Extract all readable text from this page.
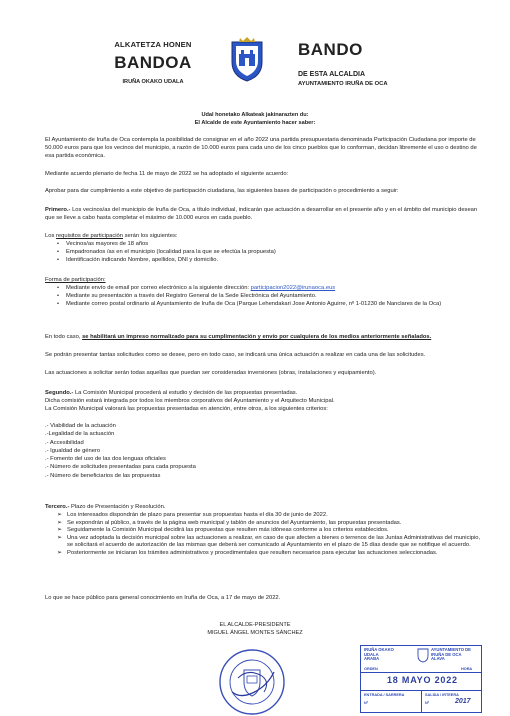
ALKATETZA HONEN
BANDOA
IRUÑA OKAKO UDALA
BANDO
DE ESTA ALCALDIA
AYUNTAMIENTO IRUÑA DE OCA
Udal honetako Alkateak jakinarazten du:
El Alcalde de este Ayuntamiento hacer saber:
El Ayuntamiento de Iruña de Oca contempla la posibilidad de consignar en el año 2022 una partida presupuestaria denominada Participación Ciudadana por importe de 50.000 euros para que los vecinos del municipio, a razón de 10.000 euros para cada uno de los cinco pueblos que lo conforman, decidan libremente el uso o destino de esa partida económica.
Mediante acuerdo plenario de fecha 11 de mayo de 2022 se ha adoptado el siguiente acuerdo:
Aprobar para dar cumplimiento a este objetivo de participación ciudadana, las siguientes bases de participación o procedimiento a seguir:
Primero.- Los vecinos/as del municipio de Iruña de Oca, a título individual, indicarán que actuación a desarrollar en el presente año y en el ámbito del municipio desean que se lleve a cabo hasta completar el máximo de 10.000 euros en cada pueblo.
Los requisitos de participación serán los siguientes:
• Vecinos/as mayores de 18 años
• Empadronados /as en el municipio (localidad para la que se efectúa la propuesta)
• Identificación indicando Nombre, apellidos, DNI y domicilio.
Forma de participación:
• Mediante envío de email por correo electrónico a la siguiente dirección: participacion2022@irunaoca.eus
• Mediante su presentación a través del Registro General de la Sede Electrónica del Ayuntamiento.
• Mediante correo postal ordinario al Ayuntamiento de Iruña de Oca (Parque Lehendakari Jose Antonio Aguirre, nº 1-01230 de Nanclares de la Oca)
En todo caso, se habilitará un impreso normalizado para su cumplimentación y envío por cualquiera de los medios anteriormente señalados.
Se podrán presentar tantas solicitudes como se desee, pero en todo caso, se indicará una única actuación a realizar en cada una de las solicitudes.
Las actuaciones a solicitar serán todas aquellas que puedan ser consideradas inversiones (obras, instalaciones y equipamiento).
Segundo.- La Comisión Municipal procederá al estudio y decisión de las propuestas presentadas.
Dicha comisión estará integrada por todos los miembros corporativos del Ayuntamiento y el Arquitecto Municipal.
La Comisión Municipal valorará las propuestas presentadas en atención, entre otros, a los siguientes criterios:
.- Viabilidad de la actuación
.-Legalidad de la actuación
.- Accesibilidad
.- Igualdad de género
.- Fomento del uso de las dos lenguas oficiales
.- Número de solicitudes presentadas para cada propuesta
.- Número de beneficiarios de las propuestas
Tercero.- Plazo de Presentación y Resolución.
➢ Los interesados dispondrán de plazo para presentar sus propuestas hasta el día 30 de junio de 2022.
➢ Se expondrán al público, a través de la página web municipal y tablón de anuncios del Ayuntamiento, las propuestas presentadas.
➢ Seguidamente la Comisión Municipal decidirá las propuestas que resulten más idóneas conforme a los criterios establecidos.
➢ Una vez adoptada la decisión municipal sobre las actuaciones a realizar, en caso de que afecten a bienes o terrenos de las Juntas Administrativas del municipio, se solicitará el acuerdo de autorización de las mismas que deberá ser comunicado al Ayuntamiento en el plazo de 15 días desde que se notifique el acuerdo.
➢ Posteriormente se iniciaran los trámites administrativos y procedimentales que resulten necesarios para ejecutar las actuaciones seleccionadas.
Lo que se hace público para general conocimiento en Iruña de Oca, a 17 de mayo de 2022.
EL ALCALDE-PRESIDENTE
MIGUEL ÁNGEL MONTES SÁNCHEZ
IRUÑA OKAKO
UDALA
ARABA
AYUNTAMIENTO DE
IRUÑA DE OCA
ALAVA
ORDEN	HORA
18 MAYO 2022
ENTRADA / SARRERA	SALIDA / IRTEERA
Nº	Nº	2017
